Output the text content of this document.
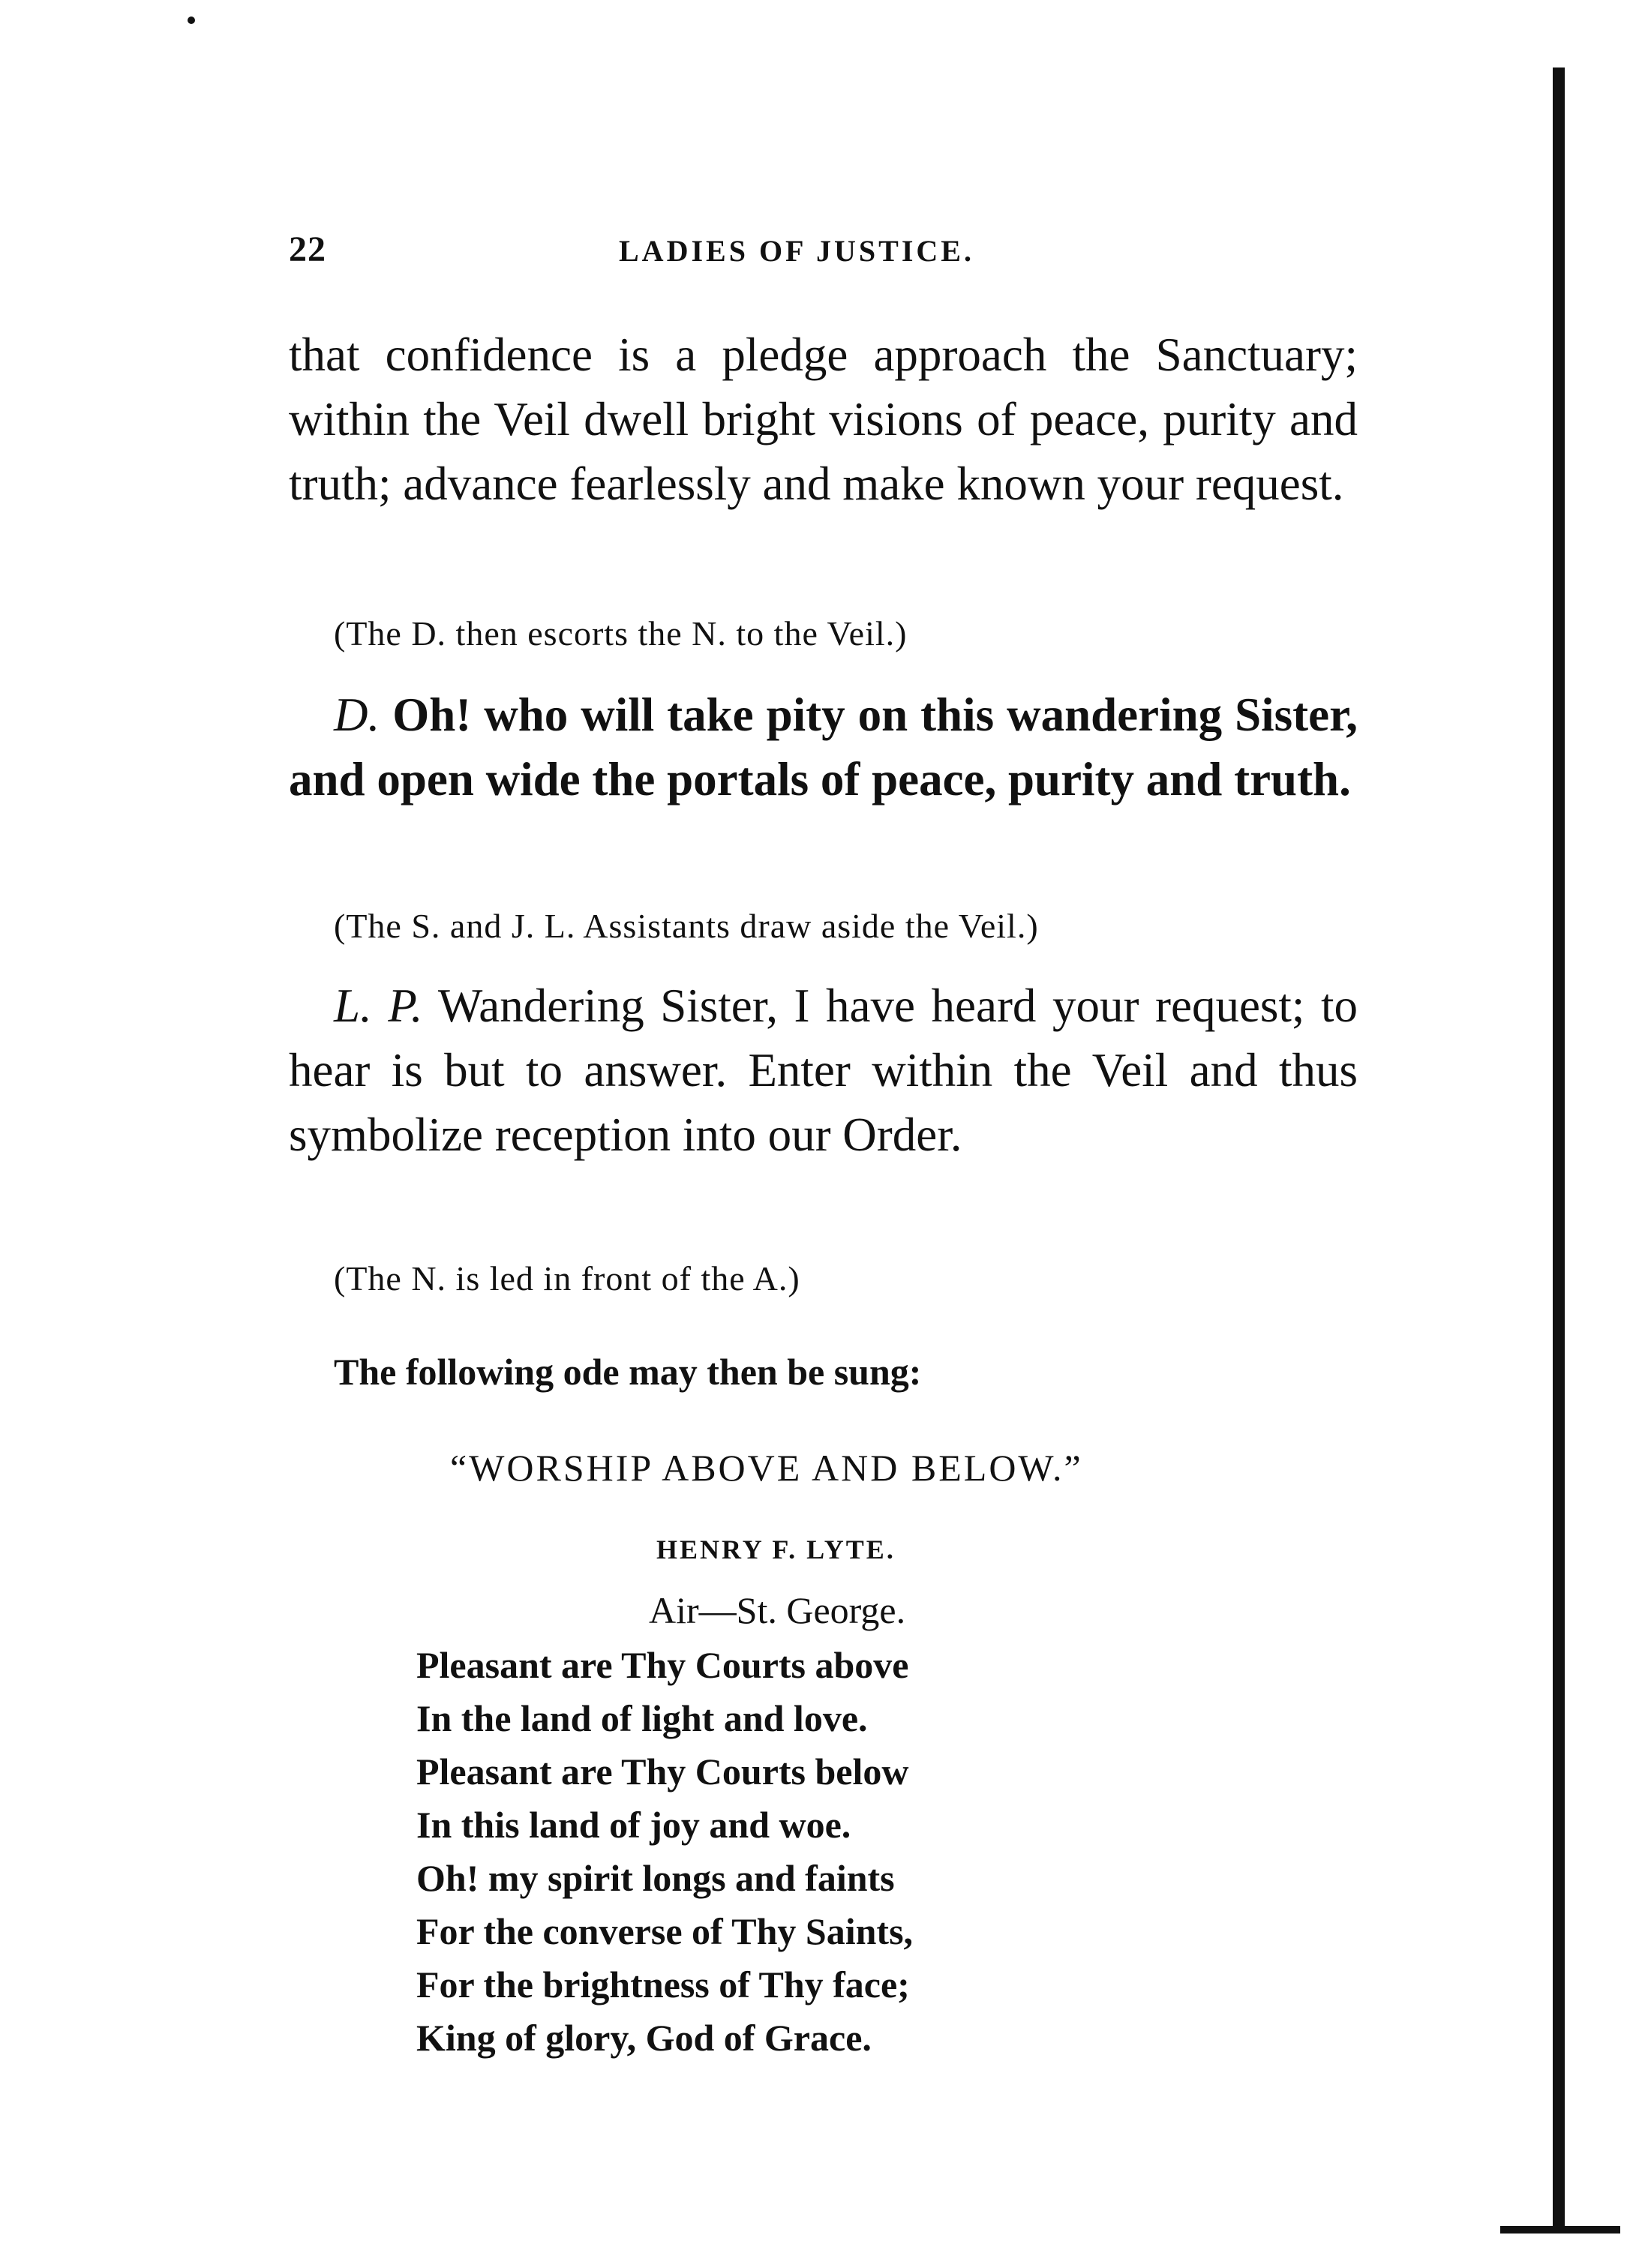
22	LADIES OF JUSTICE.
that confidence is a pledge approach the Sanctuary; within the Veil dwell bright visions of peace, purity and truth; advance fearlessly and make known your request.
(The D. then escorts the N. to the Veil.)
D. Oh! who will take pity on this wandering Sister, and open wide the portals of peace, purity and truth.
(The S. and J. L. Assistants draw aside the Veil.)
L. P. Wandering Sister, I have heard your request; to hear is but to answer. Enter within the Veil and thus symbolize reception into our Order.
(The N. is led in front of the A.)
The following ode may then be sung:
“WORSHIP ABOVE AND BELOW.”
HENRY F. LYTE.
Air—St. George.
Pleasant are Thy Courts above
In the land of light and love.
Pleasant are Thy Courts below
In this land of joy and woe.
Oh! my spirit longs and faints
For the converse of Thy Saints,
For the brightness of Thy face;
King of glory, God of Grace.
